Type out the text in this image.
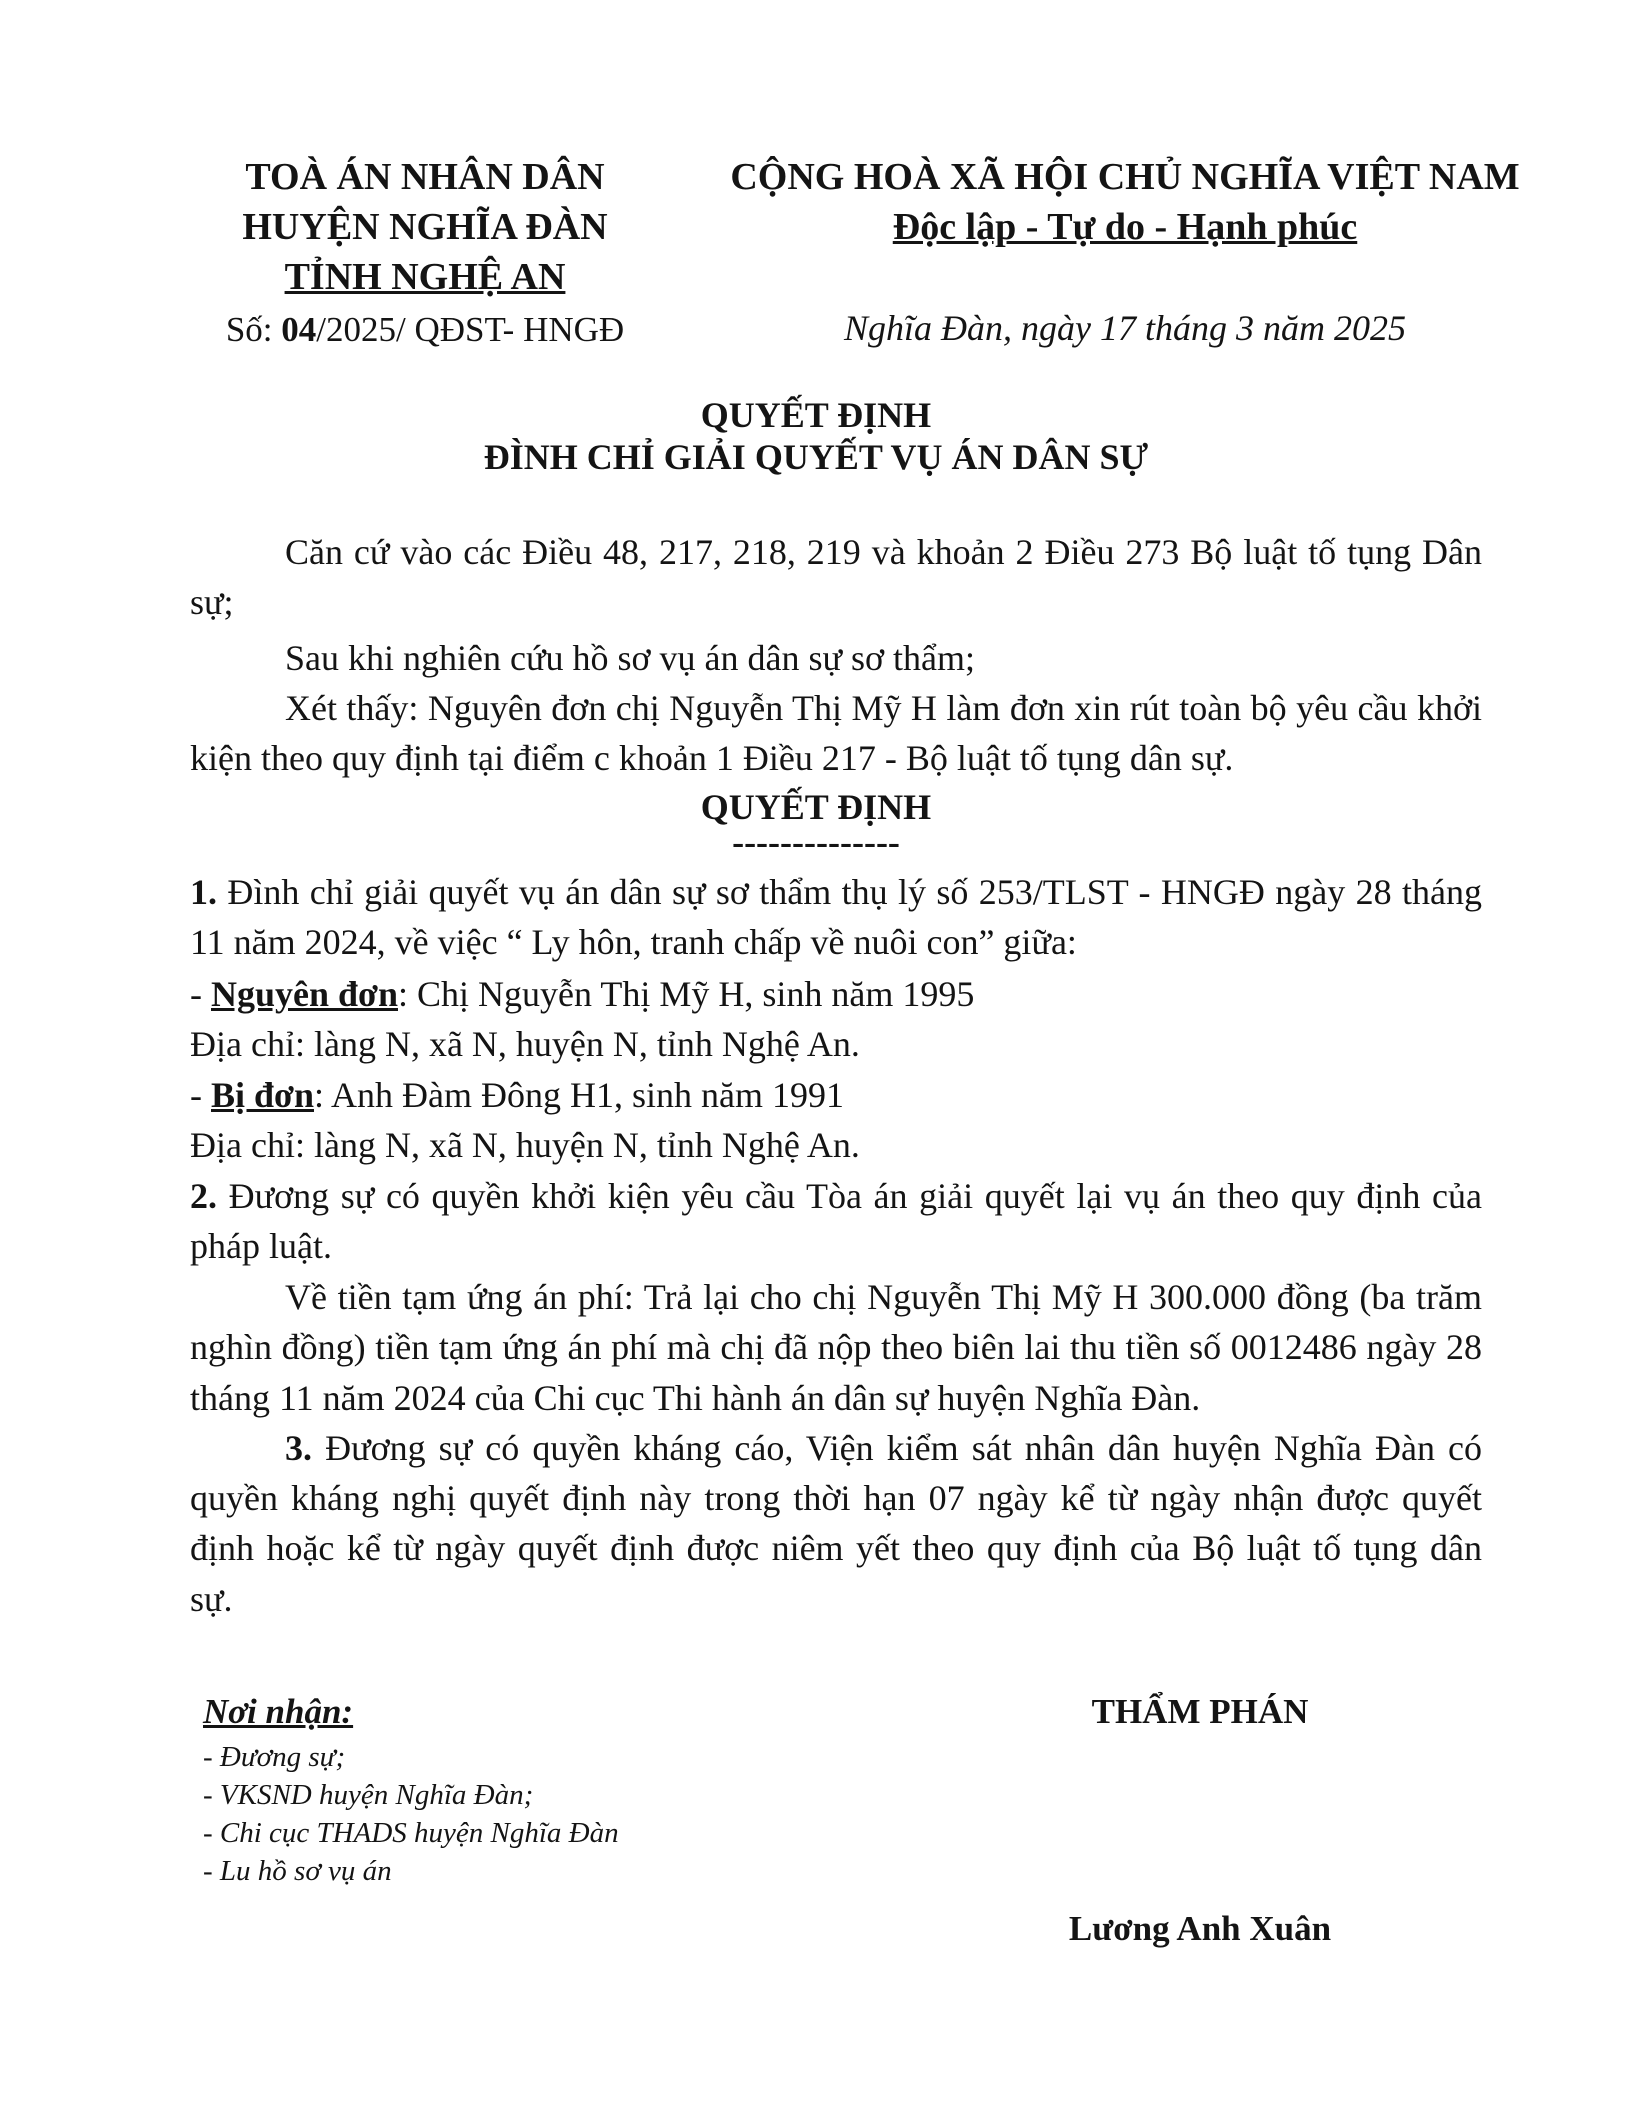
TOÀ ÁN NHÂN DÂN
HUYỆN NGHĨA ĐÀN
TỈNH NGHỆ AN
Số: 04/2025/ QĐST- HNGĐ
CỘNG HOÀ XÃ HỘI CHỦ NGHĨA VIỆT NAM
Độc lập - Tự do - Hạnh phúc
Nghĩa Đàn, ngày 17 tháng 3 năm 2025
QUYẾT ĐỊNH
ĐÌNH CHỈ GIẢI QUYẾT VỤ ÁN DÂN SỰ
Căn cứ vào các Điều 48, 217, 218, 219 và khoản 2 Điều 273 Bộ luật tố tụng Dân
sự;
Sau khi nghiên cứu hồ sơ vụ án dân sự sơ thẩm;
Xét thấy: Nguyên đơn chị Nguyễn Thị Mỹ H làm đơn xin rút toàn bộ yêu cầu khởi
kiện theo quy định tại điểm c khoản 1 Điều 217 - Bộ luật tố tụng dân sự.
QUYẾT ĐỊNH
--------------
1. Đình chỉ giải quyết vụ án dân sự sơ thẩm thụ lý số 253/TLST - HNGĐ ngày 28 tháng
11 năm 2024, về việc “ Ly hôn, tranh chấp về nuôi con” giữa:
- Nguyên đơn: Chị Nguyễn Thị Mỹ H, sinh năm 1995
Địa chỉ: làng N, xã N, huyện N, tỉnh Nghệ An.
- Bị đơn: Anh Đàm Đông H1, sinh năm 1991
Địa chỉ: làng N, xã N, huyện N, tỉnh Nghệ An.
2. Đương sự có quyền khởi kiện yêu cầu Tòa án giải quyết lại vụ án theo quy định của
pháp luật.
Về tiền tạm ứng án phí: Trả lại cho chị Nguyễn Thị Mỹ H 300.000 đồng (ba trăm
nghìn đồng) tiền tạm ứng án phí mà chị đã nộp theo biên lai thu tiền số 0012486 ngày 28
tháng 11 năm 2024 của Chi cục Thi hành án dân sự huyện Nghĩa Đàn.
3. Đương sự có quyền kháng cáo, Viện kiểm sát nhân dân huyện Nghĩa Đàn có
quyền kháng nghị quyết định này trong thời hạn 07 ngày kể từ ngày nhận được quyết
định hoặc kể từ ngày quyết định được niêm yết theo quy định của Bộ luật tố tụng dân
sự.
Nơi nhận:
- Đương sự;
- VKSND huyện Nghĩa Đàn;
- Chi cục THADS huyện Nghĩa Đàn
- Lu hồ sơ vụ án
THẨM PHÁN
Lương Anh Xuân
